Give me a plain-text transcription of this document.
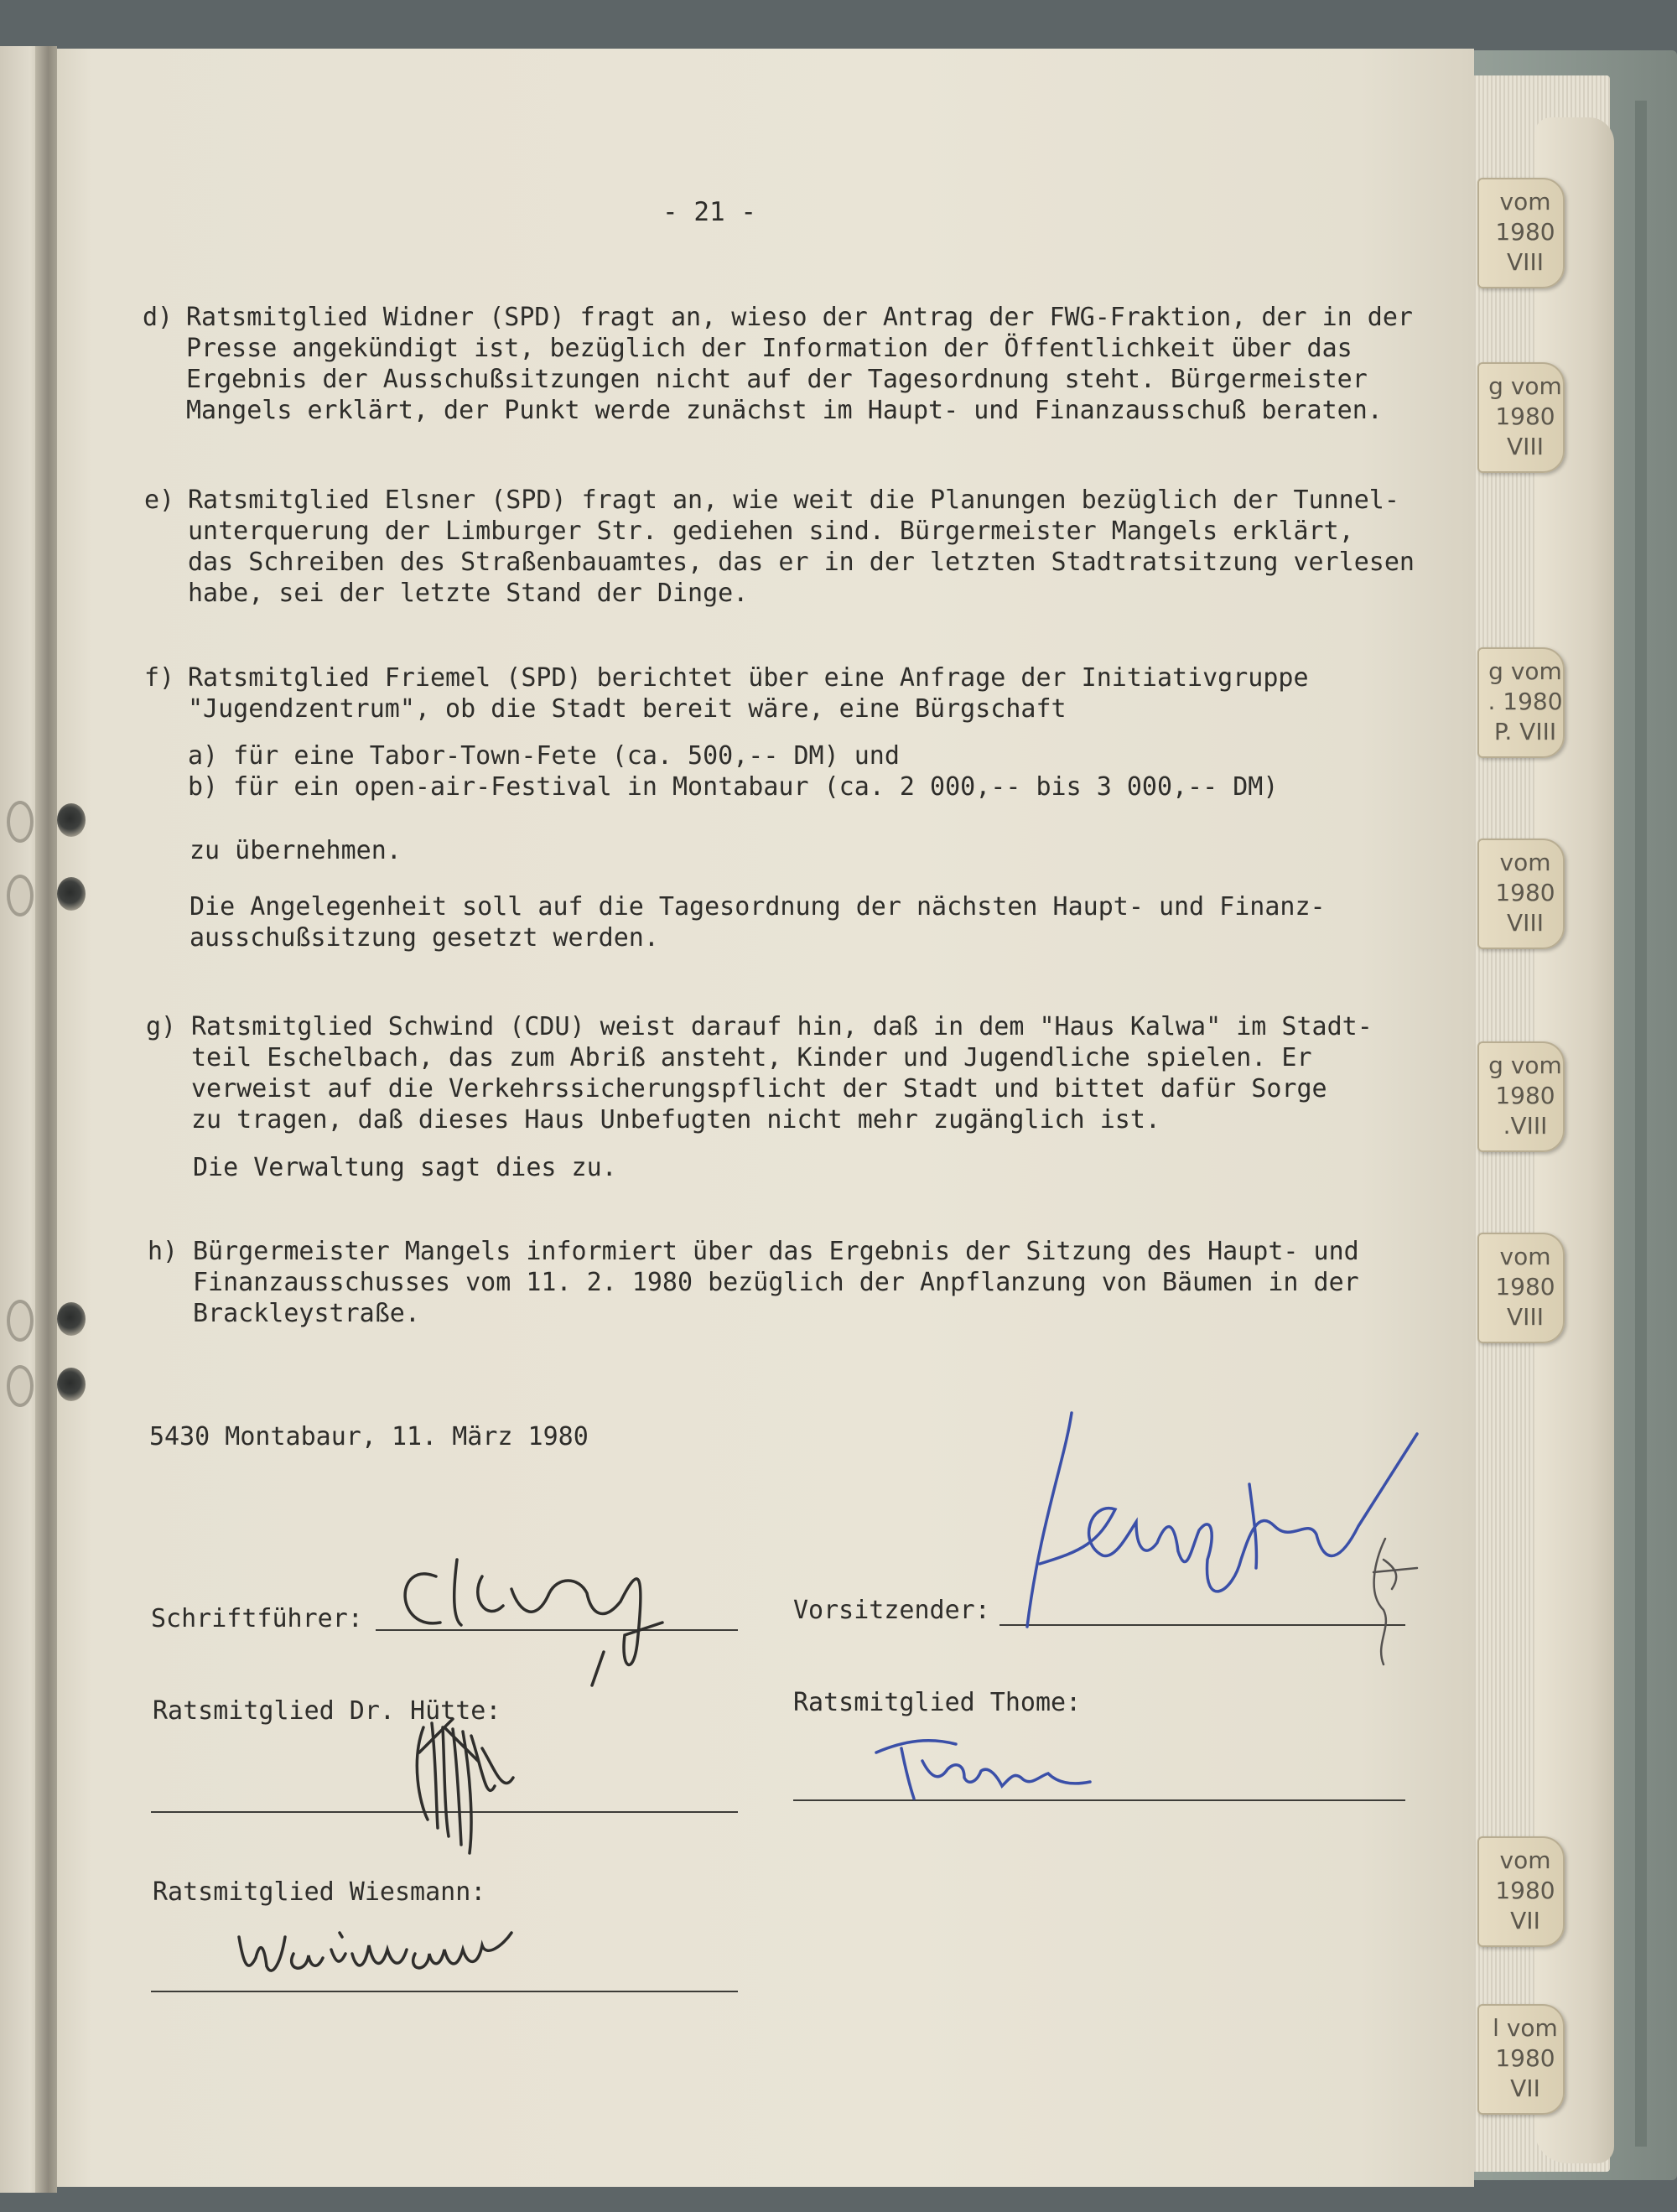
vom
1980
VIII
g vom
1980
VIII
g vom
. 1980
P. VIII
vom
1980
VIII
g vom
1980
.VIII
vom
1980
VIII
vom
1980
VII
l vom
1980
VII
- 21 -
d) Ratsmitglied Widner (SPD) fragt an, wieso der Antrag der FWG-Fraktion, der in der
Presse angekündigt ist, bezüglich der Information der Öffentlichkeit über das
Ergebnis der Ausschußsitzungen nicht auf der Tagesordnung steht. Bürgermeister
Mangels erklärt, der Punkt werde zunächst im Haupt- und Finanzausschuß beraten.
e) Ratsmitglied Elsner (SPD) fragt an, wie weit die Planungen bezüglich der Tunnel-
unterquerung der Limburger Str. gediehen sind. Bürgermeister Mangels erklärt,
das Schreiben des Straßenbauamtes, das er in der letzten Stadtratsitzung verlesen
habe, sei der letzte Stand der Dinge.
f) Ratsmitglied Friemel (SPD) berichtet über eine Anfrage der Initiativgruppe
"Jugendzentrum", ob die Stadt bereit wäre, eine Bürgschaft
a) für eine Tabor-Town-Fete (ca. 500,-- DM) und
b) für ein open-air-Festival in Montabaur (ca. 2 000,-- bis 3 000,-- DM)
zu übernehmen.
Die Angelegenheit soll auf die Tagesordnung der nächsten Haupt- und Finanz-
ausschußsitzung gesetzt werden.
g) Ratsmitglied Schwind (CDU) weist darauf hin, daß in dem "Haus Kalwa" im Stadt-
teil Eschelbach, das zum Abriß ansteht, Kinder und Jugendliche spielen. Er
verweist auf die Verkehrssicherungspflicht der Stadt und bittet dafür Sorge
zu tragen, daß dieses Haus Unbefugten nicht mehr zugänglich ist.
Die Verwaltung sagt dies zu.
h) Bürgermeister Mangels informiert über das Ergebnis der Sitzung des Haupt- und
Finanzausschusses vom 11. 2. 1980 bezüglich der Anpflanzung von Bäumen in der
Brackleystraße.
5430 Montabaur, 11. März 1980
Schriftführer:	Vorsitzender:
Ratsmitglied Dr. Hütte:	Ratsmitglied Thome:
Ratsmitglied Wiesmann:
